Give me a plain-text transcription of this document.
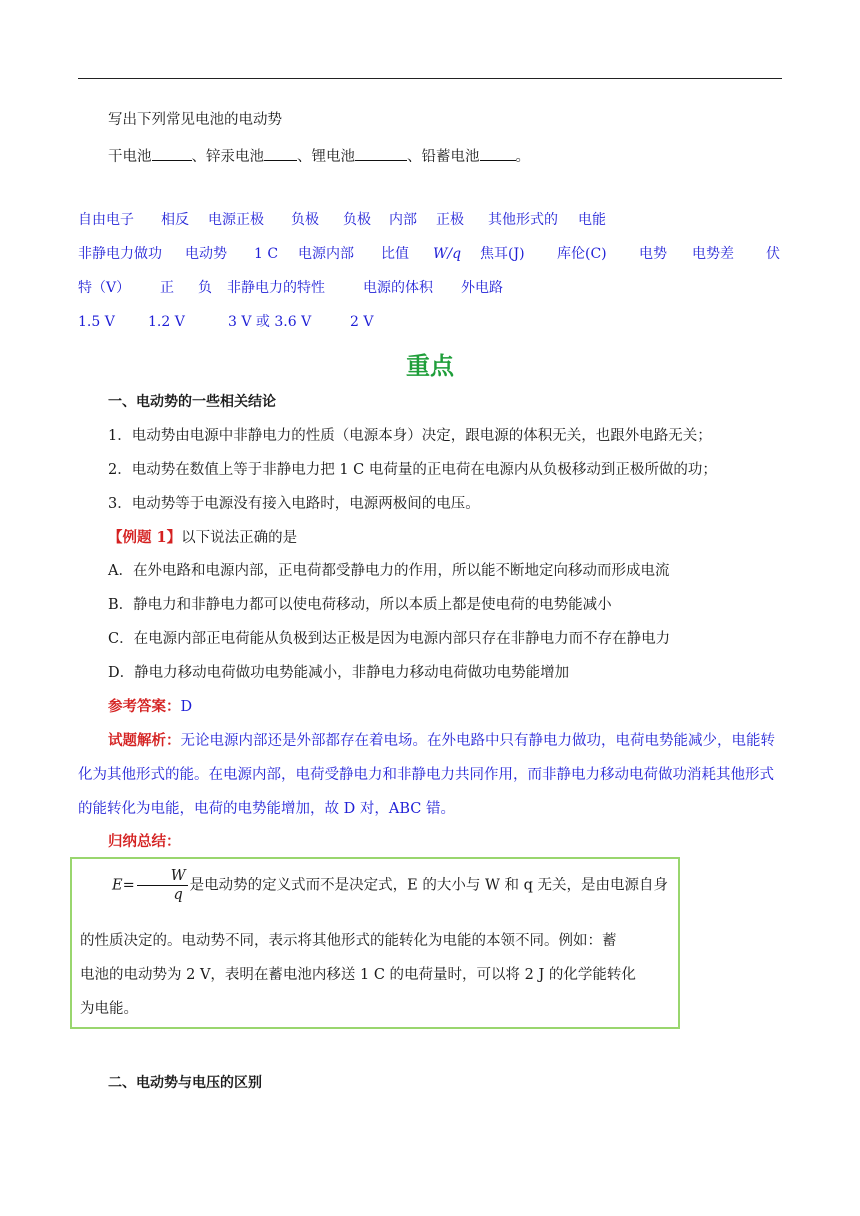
写出下列常见电池的电动势
干电池	、锌汞电池 、锂电池	、铅蓄电池 。
自由电子 相反 电源正极 负极 负极 内部 正极 其他形式的 电能
非静电力做功 电动势 1 C 电源内部 比值 W/q 焦耳(J) 库伦(C) 电势 电势差 伏
特（V） 正 负 非静电力的特性	电源的体积 外电路
1.5 V 1.2 V	3 V 或 3.6 V	2 V
重点
一、电动势的一些相关结论
1．电动势由电源中非静电力的性质（电源本身）决定，跟电源的体积无关，也跟外电路无关；
2．电动势在数值上等于非静电力把 1 C 电荷量的正电荷在电源内从负极移动到正极所做的功；
3．电动势等于电源没有接入电路时，电源两极间的电压。
【例题 1】以下说法正确的是
A．在外电路和电源内部，正电荷都受静电力的作用，所以能不断地定向移动而形成电流
B．静电力和非静电力都可以使电荷移动，所以本质上都是使电荷的电势能减小
C．在电源内部正电荷能从负极到达正极是因为电源内部只存在非静电力而不存在静电力
D．静电力移动电荷做功电势能减小，非静电力移动电荷做功电势能增加
参考答案：D
试题解析：无论电源内部还是外部都存在着电场。在外电路中只有静电力做功，电荷电势能减少，电能转化为其他形式的能。在电源内部，电荷受静电力和非静电力共同作用，而非静电力移动电荷做功消耗其他形式的能转化为电能，电荷的电势能增加，故 D 对，ABC 错。
归纳总结：
$E= \frac{W}{q}$ 是电动势的定义式而不是决定式，E 的大小与 W 和 q 无关，是由电源自身
的性质决定的。电动势不同，表示将其他形式的能转化为电能的本领不同。例如：蓄
电池的电动势为 2 V，表明在蓄电池内移送 1 C 的电荷量时，可以将 2 J 的化学能转化
为电能。
二、电动势与电压的区别
